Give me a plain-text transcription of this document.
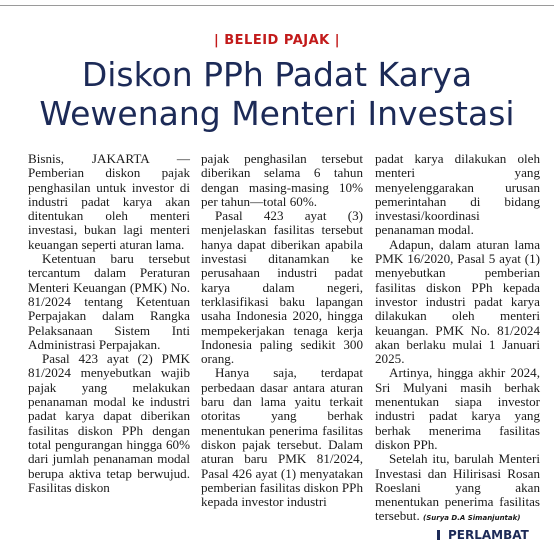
| BELEID PAJAK |
Diskon PPh Padat Karya
Wewenang Menteri Investasi

Bisnis, JAKARTA — Pemberian diskon pajak penghasilan untuk investor di industri padat karya akan ditentukan oleh menteri investasi, bukan lagi menteri keuangan seperti aturan lama.

Ketentuan baru tersebut tercantum dalam Peraturan Menteri Keuangan (PMK) No. 81/2024 tentang Ketentuan Perpajakan dalam Rangka Pelaksanaan Sistem Inti Administrasi Perpajakan.

Pasal 423 ayat (2) PMK 81/2024 menyebutkan wajib pajak yang melakukan penanaman modal ke industri padat karya dapat diberikan fasilitas diskon PPh dengan total pengurangan hingga 60% dari jumlah penanaman modal berupa aktiva tetap berwujud. Fasilitas diskon

pajak penghasilan tersebut diberikan selama 6 tahun dengan masing-masing 10% per tahun—total 60%.

Pasal 423 ayat (3) menjelaskan fasilitas tersebut hanya dapat diberikan apabila investasi ditanamkan ke perusahaan industri padat karya dalam negeri, terklasifikasi baku lapangan usaha Indonesia 2020, hingga mempekerjakan tenaga kerja Indonesia paling sedikit 300 orang.

Hanya saja, terdapat perbedaan dasar antara aturan baru dan lama yaitu terkait otoritas yang berhak menentukan penerima fasilitas diskon pajak tersebut. Dalam aturan baru PMK 81/2024, Pasal 426 ayat (1) menyatakan pemberian fasilitas diskon PPh kepada investor industri

padat karya dilakukan oleh menteri yang menyelenggarakan urusan pemerintahan di bidang investasi/koordinasi penanaman modal.

Adapun, dalam aturan lama PMK 16/2020, Pasal 5 ayat (1) menyebutkan pemberian fasilitas diskon PPh kepada investor industri padat karya dilakukan oleh menteri keuangan. PMK No. 81/2024 akan berlaku mulai 1 Januari 2025.

Artinya, hingga akhir 2024, Sri Mulyani masih berhak menentukan siapa investor industri padat karya yang berhak menerima fasilitas diskon PPh.

Setelah itu, barulah Menteri Investasi dan Hilirisasi Rosan Roeslani yang akan menentukan penerima fasilitas tersebut. (Surya D.A Simanjuntak)

PERLAMBAT
